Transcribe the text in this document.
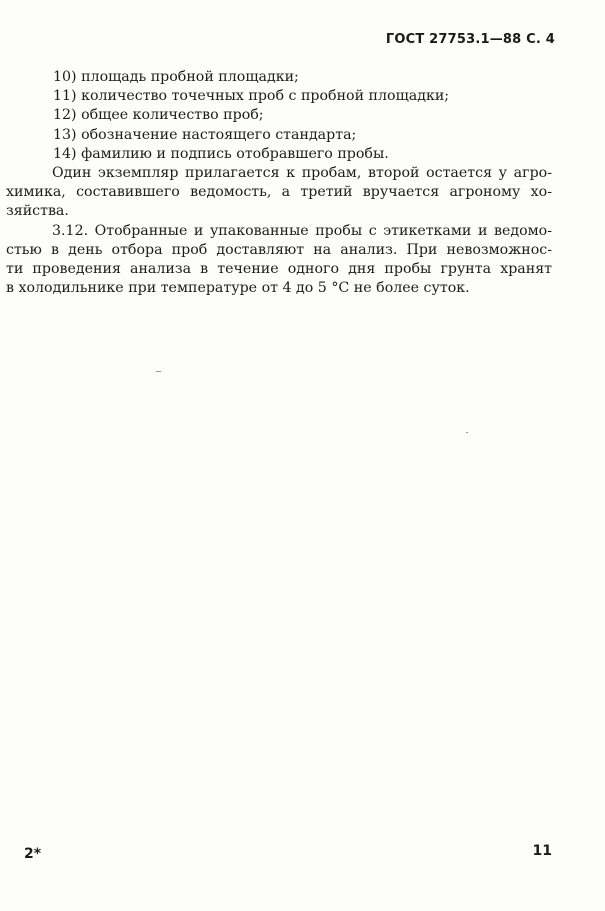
ГОСТ 27753.1—88 С. 4
10) площадь пробной площадки;
11) количество точечных проб с пробной площадки;
12) общее количество проб;
13) обозначение настоящего стандарта;
14) фамилию и подпись отобравшего пробы.
Один экземпляр прилагается к пробам, второй остается у агро-
химика, составившего ведомость, а третий вручается агроному хо-
зяйства.
3.12. Отобранные и упакованные пробы с этикетками и ведомо-
стью в день отбора проб доставляют на анализ. При невозможнос-
ти проведения анализа в течение одного дня пробы грунта хранят
в холодильнике при температуре от 4 до 5 °С не более суток.
2*	11
